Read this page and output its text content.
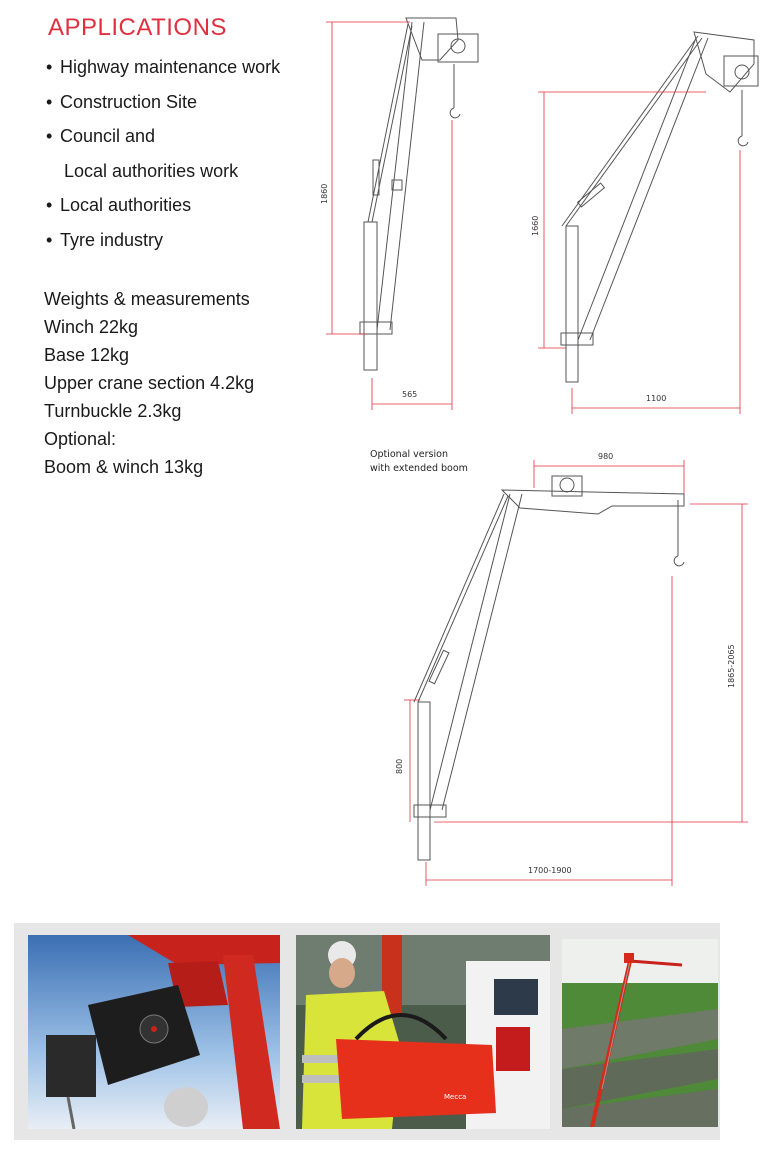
APPLICATIONS
• Highway maintenance work
• Construction Site
• Council and
Local authorities work
• Local authorities
• Tyre industry
Weights & measurements
Winch 22kg
Base 12kg
Upper crane section 4.2kg
Turnbuckle 2.3kg
Optional:
Boom & winch 13kg
1860
565
1660
1100
Optional version
with extended boom
980
1865-2065
800
1700-1900
Mecca
